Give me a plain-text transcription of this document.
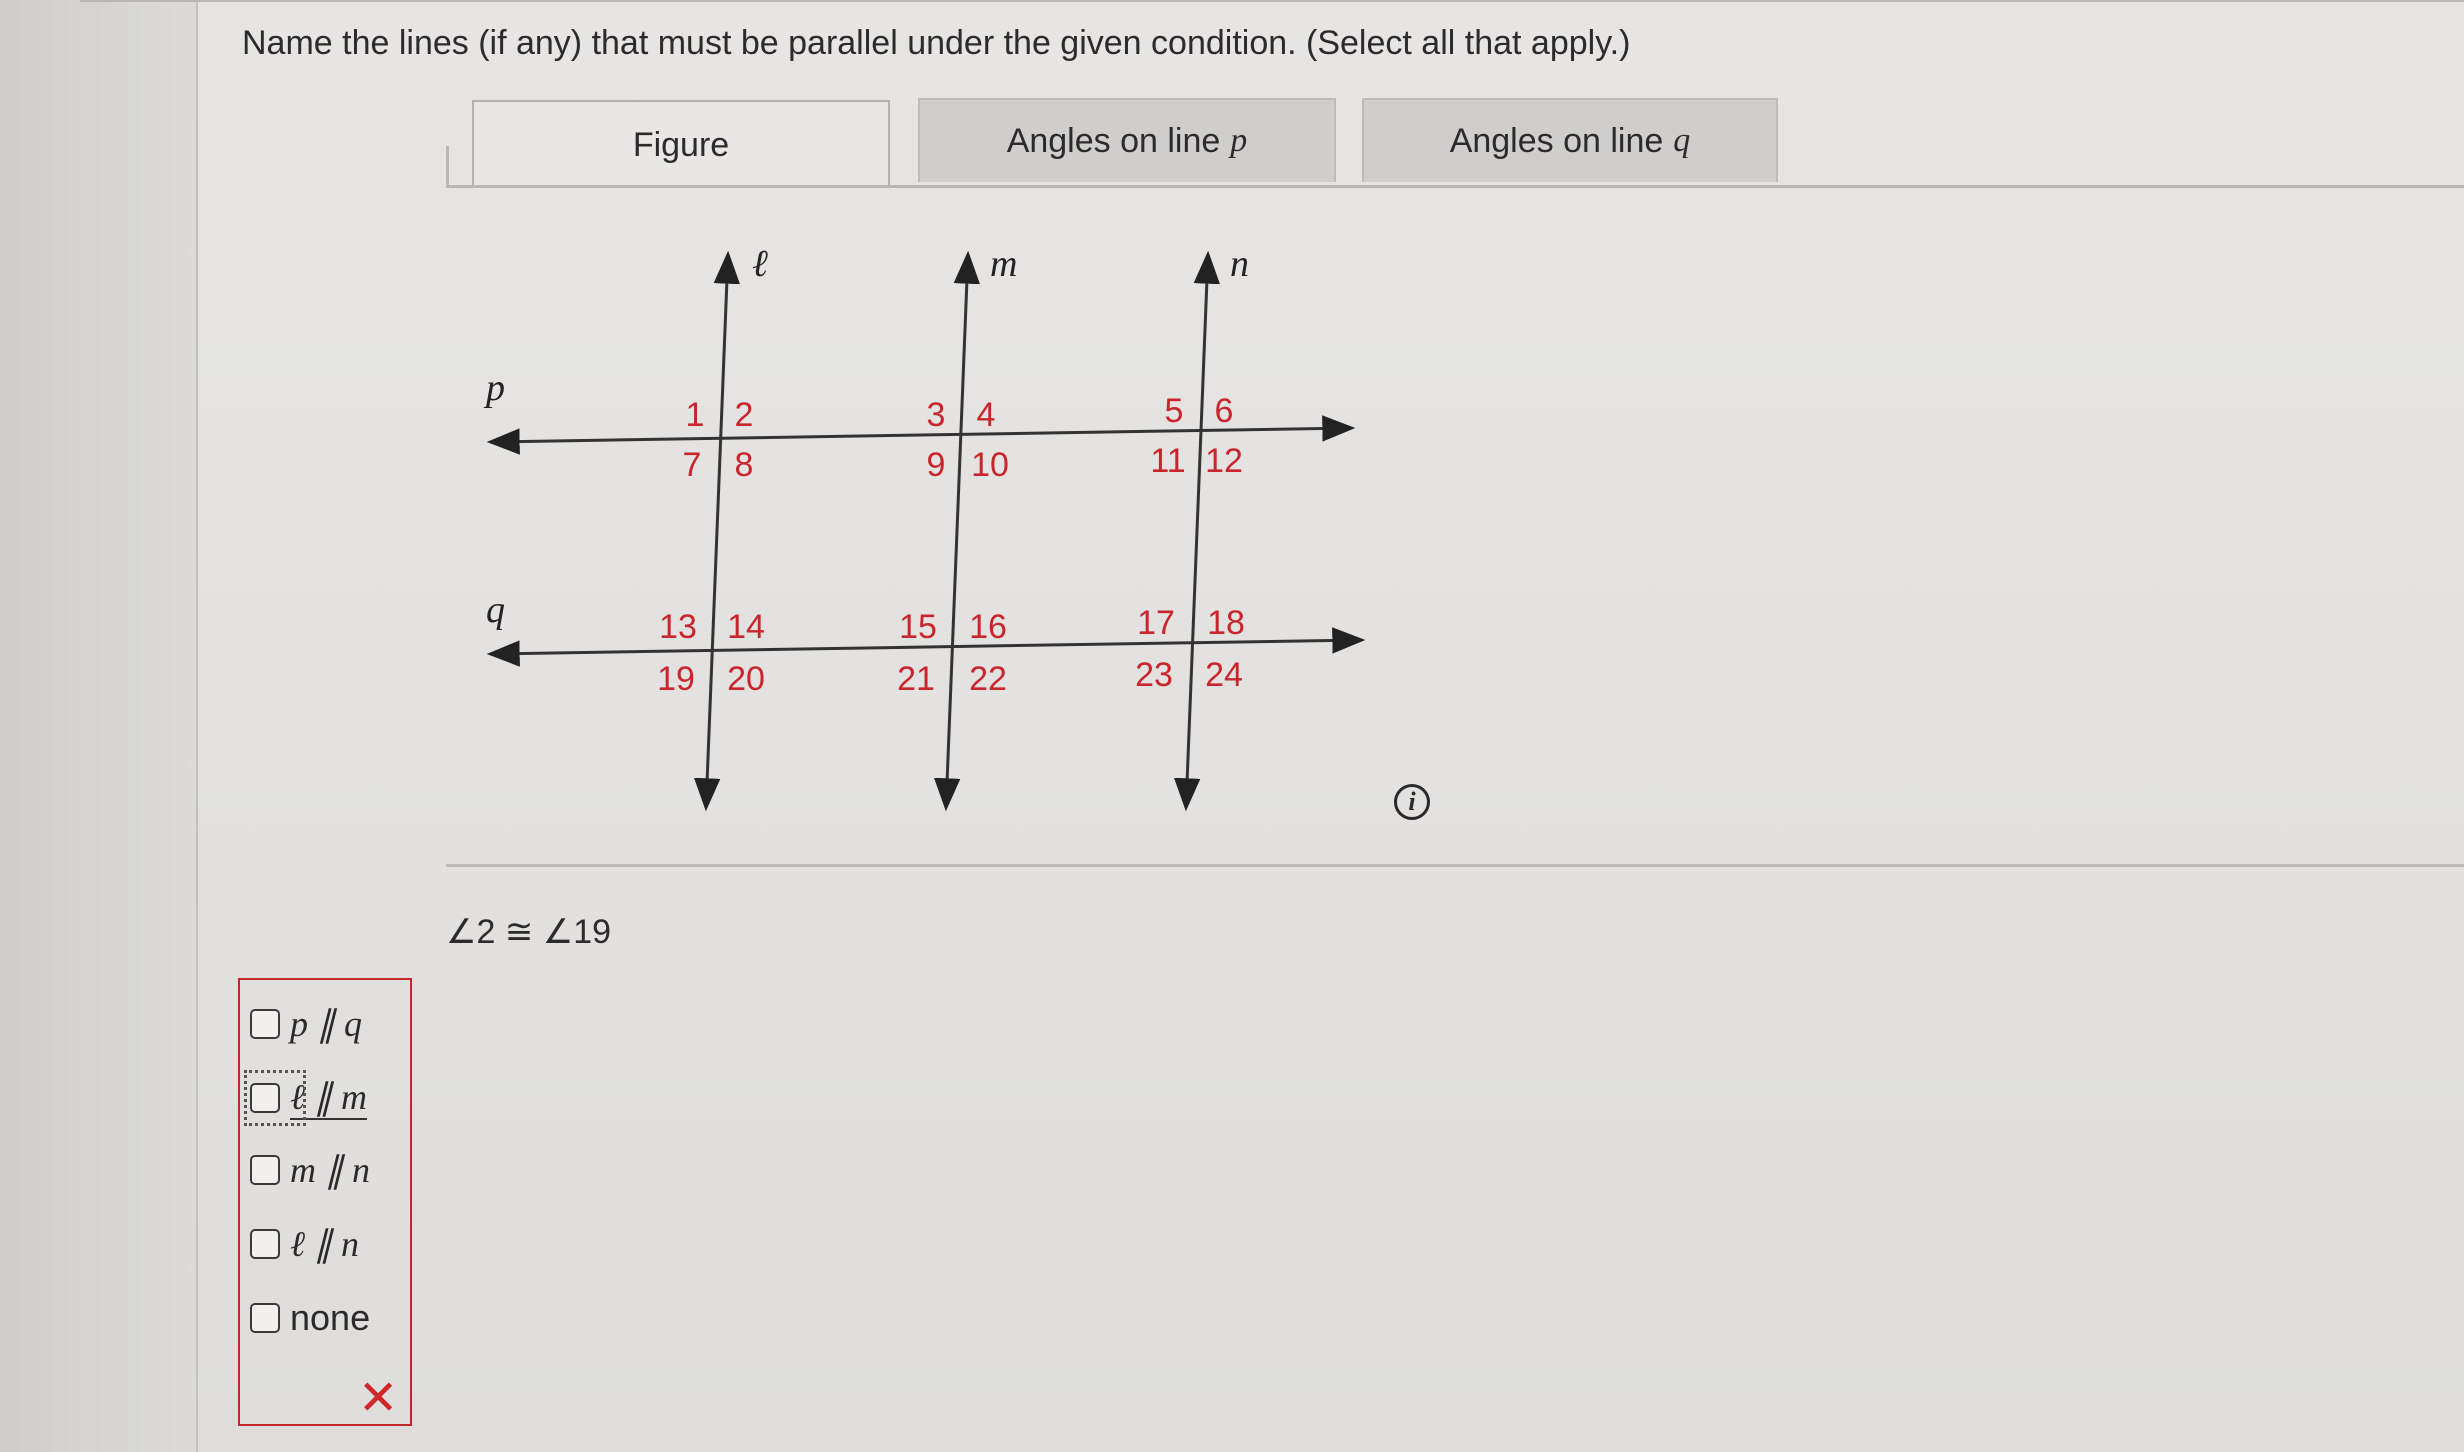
Name the lines (if any) that must be parallel under the given condition. (Select all that apply.)
Figure	Angles on line p	Angles on line q
p
q
ℓ	m	n
1 2	3 4	5 6
7 8	9 10	11 12
13 14	15 16	17 18
19 20	21 22	23 24
i
∠2 ≅ ∠19
p ∥ q
ℓ ∥ m
m ∥ n
ℓ ∥ n
none
✕
